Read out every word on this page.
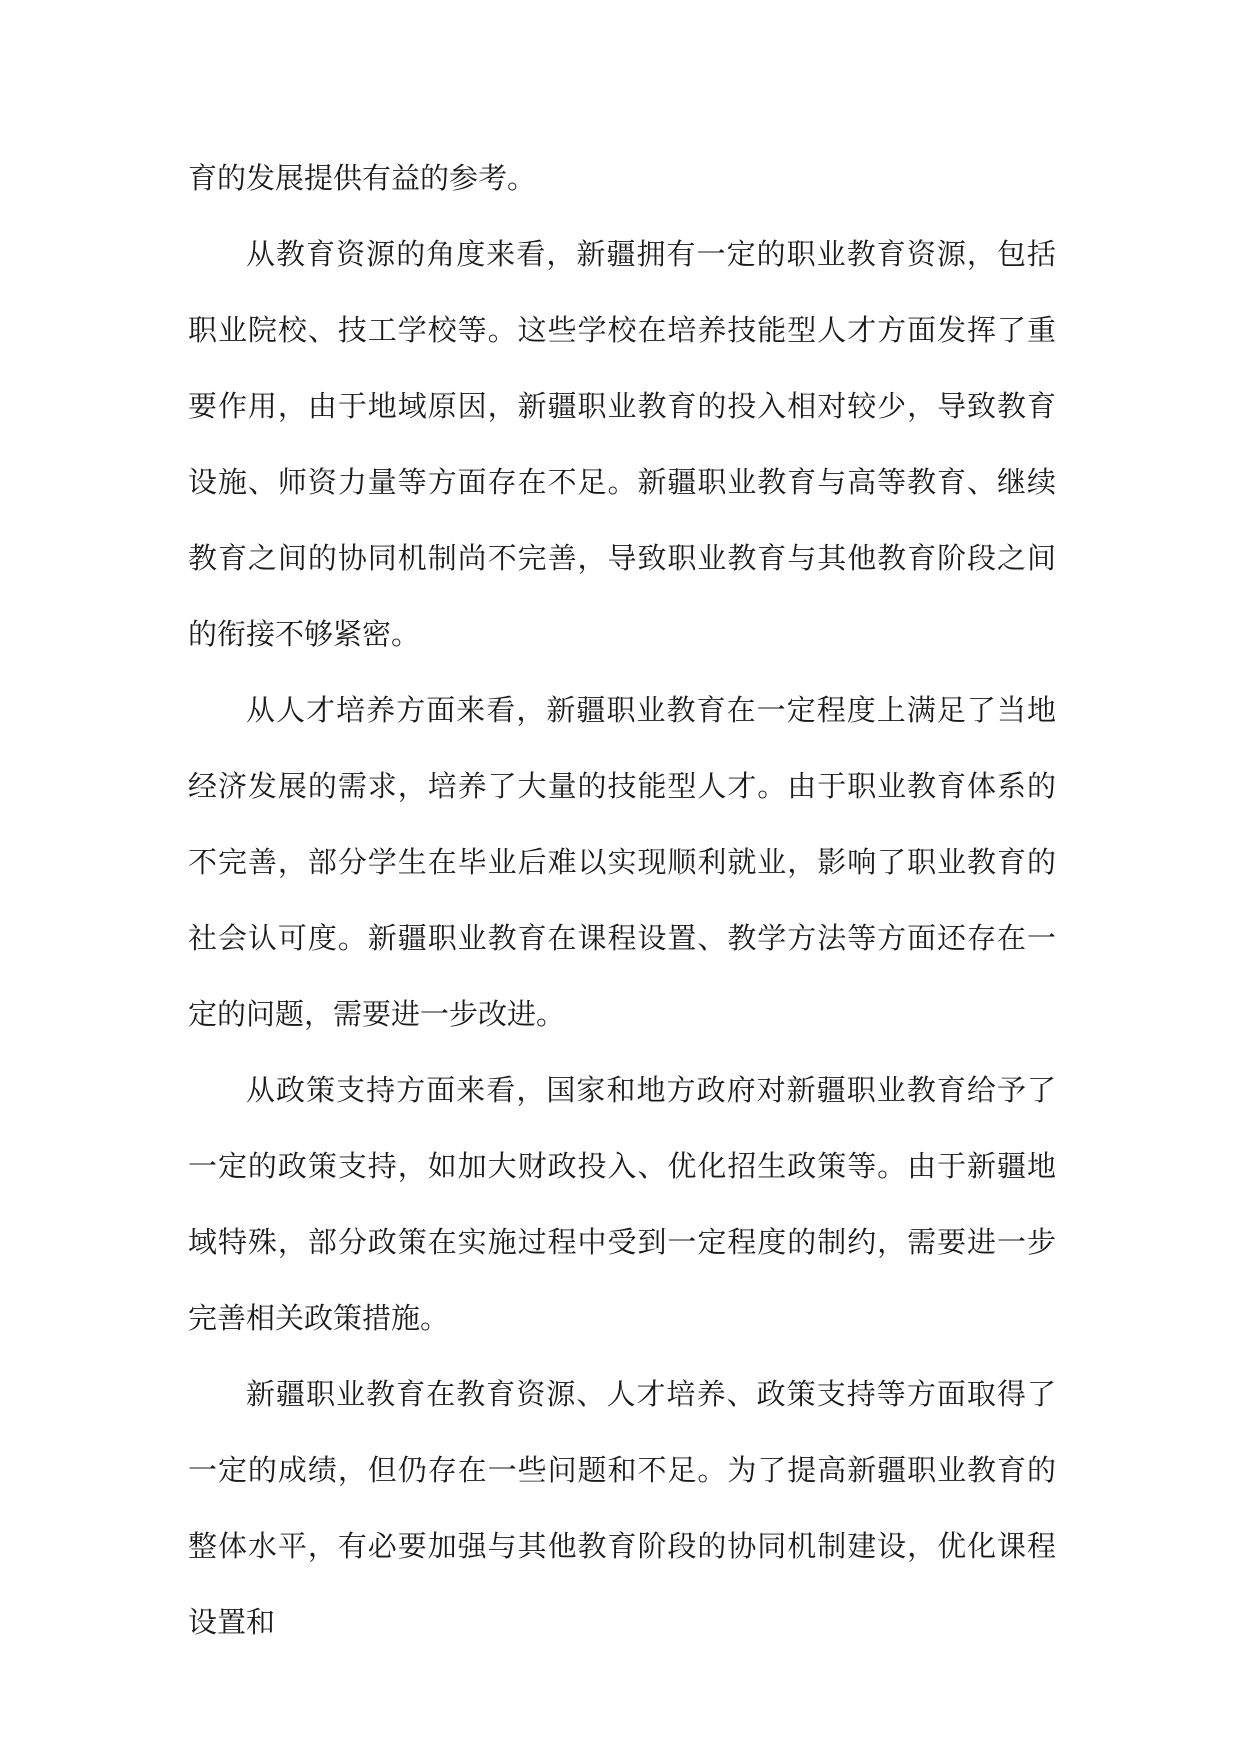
育的发展提供有益的参考。

从教育资源的角度来看，新疆拥有一定的职业教育资源，包括职业院校、技工学校等。这些学校在培养技能型人才方面发挥了重要作用，由于地域原因，新疆职业教育的投入相对较少，导致教育设施、师资力量等方面存在不足。新疆职业教育与高等教育、继续教育之间的协同机制尚不完善，导致职业教育与其他教育阶段之间的衔接不够紧密。

从人才培养方面来看，新疆职业教育在一定程度上满足了当地经济发展的需求，培养了大量的技能型人才。由于职业教育体系的不完善，部分学生在毕业后难以实现顺利就业，影响了职业教育的社会认可度。新疆职业教育在课程设置、教学方法等方面还存在一定的问题，需要进一步改进。

从政策支持方面来看，国家和地方政府对新疆职业教育给予了一定的政策支持，如加大财政投入、优化招生政策等。由于新疆地域特殊，部分政策在实施过程中受到一定程度的制约，需要进一步完善相关政策措施。

新疆职业教育在教育资源、人才培养、政策支持等方面取得了一定的成绩，但仍存在一些问题和不足。为了提高新疆职业教育的整体水平，有必要加强与其他教育阶段的协同机制建设，优化课程设置和
